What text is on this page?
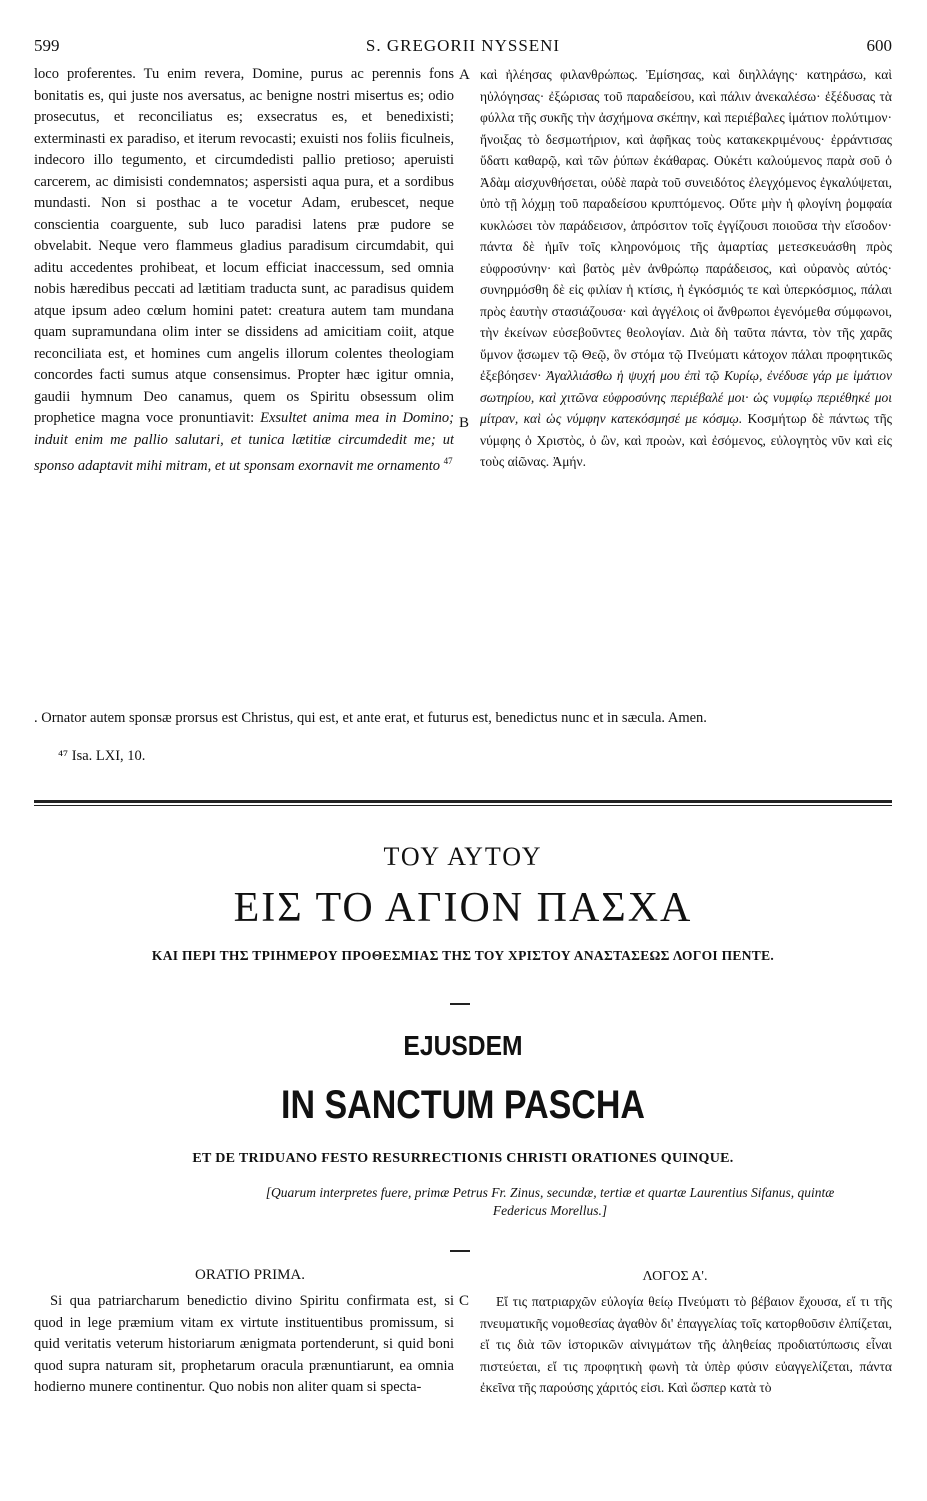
599	S. GREGORII NYSSENI	600

loco proferentes. Tu enim revera, Domine, purus ac perennis fons bonitatis es, qui juste nos aversatus, ac benigne nostri misertus es; odio prosecutus, et reconciliatus es; exsecratus es, et benedixisti; exterminasti ex paradiso, et iterum revocasti; exuisti nos foliis ficulneis, indecoro illo tegumento, et circumdedisti pallio pretioso; aperuisti carcerem, ac dimisisti condemnatos; aspersisti aqua pura, et a sordibus mundasti. Non si posthac a te vocetur Adam, erubescet, neque conscientia coarguente, sub luco paradisi latens præ pudore se obvelabit. Neque vero flammeus gladius paradisum circumdabit, qui aditu accedentes prohibeat, et locum efficiat inaccessum, sed omnia nobis hæredibus peccati ad lætitiam traducta sunt, ac paradisus quidem atque ipsum adeo cœlum homini patet: creatura autem tam mundana quam supramundana olim inter se dissidens ad amicitiam coiit, atque reconciliata est, et homines cum angelis illorum colentes theologiam concordes facti sumus atque consensimus. Propter hæc igitur omnia, gaudii hymnum Deo canamus, quem os Spiritu obsessum olim prophetice magna voce pronuntiavit: Exsultet anima mea in Domino; induit enim me pallio salutari, et tunica lætitiæ circumdedit me; ut sponso adaptavit mihi mitram, et ut sponsam exornavit me ornamento $^{47}$

A
B

καὶ ἠλέησας φιλανθρώπως. Ἐμίσησας, καὶ διηλλάγης· κατηράσω, καὶ ηὐλόγησας· ἐξώρισας τοῦ παραδείσου, καὶ πάλιν ἀνεκαλέσω· ἐξέδυσας τὰ φύλλα τῆς συκῆς τὴν ἀσχήμονα σκέπην, καὶ περιέβαλες ἱμάτιον πολύτιμον· ἤνοιξας τὸ δεσμωτήριον, καὶ ἀφῆκας τοὺς κατακεκριμένους· ἐρράντισας ὕδατι καθαρῷ, καὶ τῶν ῥύπων ἐκάθαρας. Οὐκέτι καλούμενος παρὰ σοῦ ὁ Ἀδὰμ αἰσχυνθήσεται, οὐδὲ παρὰ τοῦ συνειδότος ἐλεγχόμενος ἐγκαλύψεται, ὑπὸ τῇ λόχμῃ τοῦ παραδείσου κρυπτόμενος. Οὔτε μὴν ἡ φλογίνη ῥομφαία κυκλώσει τὸν παράδεισον, ἀπρόσιτον τοῖς ἐγγίζουσι ποιοῦσα τὴν εἴσοδον· πάντα δὲ ἡμῖν τοῖς κληρονόμοις τῆς ἁμαρτίας μετεσκευάσθη πρὸς εὐφροσύνην· καὶ βατὸς μὲν ἀνθρώπῳ παράδεισος, καὶ οὐρανὸς αὐτός· συνηρμόσθη δὲ εἰς φιλίαν ἡ κτίσις, ἡ ἐγκόσμιός τε καὶ ὑπερκόσμιος, πάλαι πρὸς ἑαυτὴν στασιάζουσα· καὶ ἀγγέλοις οἱ ἄνθρωποι ἐγενόμεθα σύμφωνοι, τὴν ἐκείνων εὐσεβοῦντες θεολογίαν. Διὰ δὴ ταῦτα πάντα, τὸν τῆς χαρᾶς ὕμνον ᾄσωμεν τῷ Θεῷ, ὃν στόμα τῷ Πνεύματι κάτοχον πάλαι προφητικῶς ἐξεβόησεν· Ἀγαλλιάσθω ἡ ψυχή μου ἐπὶ τῷ Κυρίῳ, ἐνέδυσε γάρ με ἱμάτιον σωτηρίου, καὶ χιτῶνα εὐφροσύνης περιέβαλέ μοι· ὡς νυμφίῳ περιέθηκέ μοι μίτραν, καὶ ὡς νύμφην κατεκόσμησέ με κόσμῳ. Κοσμήτωρ δὲ πάντως τῆς νύμφης ὁ Χριστὸς, ὁ ὢν, καὶ προὼν, καὶ ἐσόμενος, εὐλογητὸς νῦν καὶ εἰς τοὺς αἰῶνας. Ἀμήν.

. Ornator autem sponsæ prorsus est Christus, qui est, et ante erat, et futurus est, benedictus nunc et in sæcula. Amen.
⁴⁷ Isa. LXI, 10.
ΤΟΥ ΑΥΤΟΥ
ΕΙΣ ΤΟ ΑΓΙΟΝ ΠΑΣΧΑ
ΚΑΙ ΠΕΡΙ ΤΗΣ ΤΡΙΗΜΕΡΟΥ ΠΡΟΘΕΣΜΙΑΣ ΤΗΣ ΤΟΥ ΧΡΙΣΤΟΥ ΑΝΑΣΤΑΣΕΩΣ ΛΟΓΟΙ ΠΕΝΤΕ.
EJUSDEM
IN SANCTUM PASCHA
ET DE TRIDUANO FESTO RESURRECTIONIS CHRISTI ORATIONES QUINQUE.
[Quarum interpretes fuere, primæ Petrus Fr. Zinus, secundæ, tertiæ et quartæ Laurentius Sifanus, quintæ Federicus Morellus.]
ORATIO PRIMA.	ΛΟΓΟΣ Α'.

Si qua patriarcharum benedictio divino Spiritu confirmata est, si quod in lege præmium vitam ex virtute instituentibus promissum, si quid veritatis veterum historiarum ænigmata portenderunt, si quid boni quod supra naturam sit, prophetarum oracula prænuntiarunt, ea omnia hodierno munere continentur. Quo nobis non aliter quam si specta-

C	Εἴ τις πατριαρχῶν εὐλογία θείῳ Πνεύματι τὸ βέβαιον ἔχουσα, εἴ τι τῆς πνευματικῆς νομοθεσίας ἀγαθὸν δι' ἐπαγγελίας τοῖς κατορθοῦσιν ἐλπίζεται, εἴ τις διὰ τῶν ἱστορικῶν αἰνιγμάτων τῆς ἀληθείας προδιατύπωσις εἶναι πιστεύεται, εἴ τις προφητικὴ φωνὴ τὰ ὑπὲρ φύσιν εὐαγγελίζεται, πάντα ἐκεῖνα τῆς παρούσης χάριτός εἰσι. Καὶ ὥσπερ κατὰ τὸ
